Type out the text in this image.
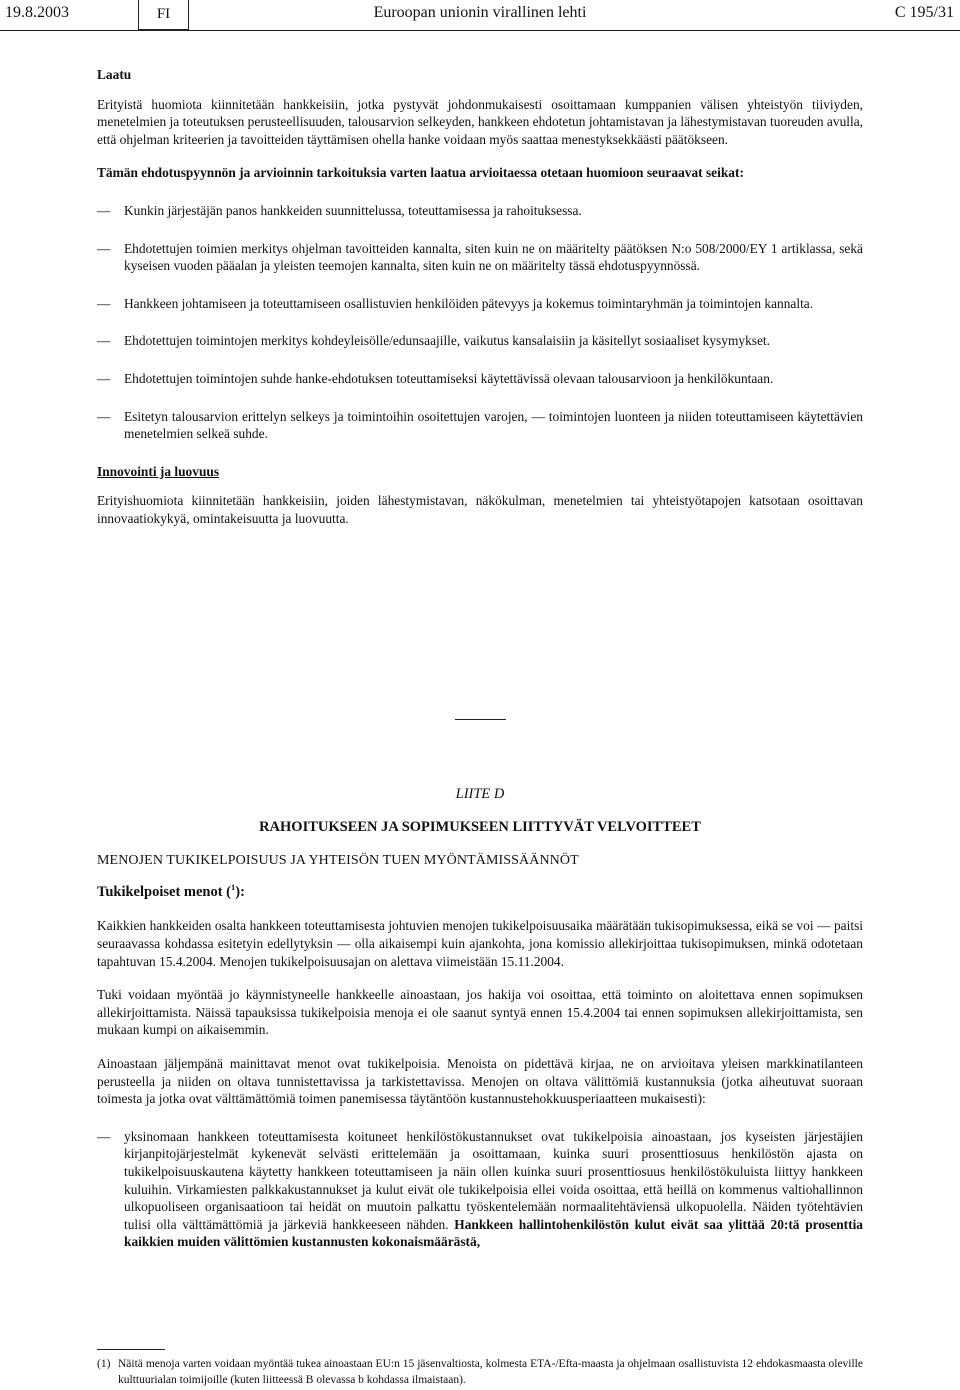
19.8.2003	FI	Euroopan unionin virallinen lehti	C 195/31
Laatu
Erityistä huomiota kiinnitetään hankkeisiin, jotka pystyvät johdonmukaisesti osoittamaan kumppanien välisen yhteistyön tiiviyden, menetelmien ja toteutuksen perusteellisuuden, talousarvion selkeyden, hankkeen ehdotetun johtamistavan ja lähestymistavan tuoreuden avulla, että ohjelman kriteerien ja tavoitteiden täyttämisen ohella hanke voidaan myös saattaa menestyksekkäästi päätökseen.
Tämän ehdotuspyynnön ja arvioinnin tarkoituksia varten laatua arvioitaessa otetaan huomioon seuraavat seikat:
— Kunkin järjestäjän panos hankkeiden suunnittelussa, toteuttamisessa ja rahoituksessa.
— Ehdotettujen toimien merkitys ohjelman tavoitteiden kannalta, siten kuin ne on määritelty päätöksen N:o 508/2000/EY 1 artiklassa, sekä kyseisen vuoden pääalan ja yleisten teemojen kannalta, siten kuin ne on määritelty tässä ehdotuspyynnössä.
— Hankkeen johtamiseen ja toteuttamiseen osallistuvien henkilöiden pätevyys ja kokemus toimintaryhmän ja toimintojen kannalta.
— Ehdotettujen toimintojen merkitys kohdeyleisölle/edunsaajille, vaikutus kansalaisiin ja käsitellyt sosiaaliset kysymykset.
— Ehdotettujen toimintojen suhde hanke-ehdotuksen toteuttamiseksi käytettävissä olevaan talousarvioon ja henkilökuntaan.
— Esitetyn talousarvion erittelyn selkeys ja toimintoihin osoitettujen varojen, — toimintojen luonteen ja niiden toteuttamiseen käytettävien menetelmien selkeä suhde.
Innovointi ja luovuus
Erityishuomiota kiinnitetään hankkeisiin, joiden lähestymistavan, näkökulman, menetelmien tai yhteistyötapojen katsotaan osoittavan innovaatiokykyä, omintakeisuutta ja luovuutta.
LIITE D
RAHOITUKSEEN JA SOPIMUKSEEN LIITTYVÄT VELVOITTEET
MENOJEN TUKIKELPOISUUS JA YHTEISÖN TUEN MYÖNTÄMISSÄÄNNÖT
Tukikelpoiset menot ($^1$):
Kaikkien hankkeiden osalta hankkeen toteuttamisesta johtuvien menojen tukikelpoisuusaika määrätään tukisopimuksessa, eikä se voi — paitsi seuraavassa kohdassa esitetyin edellytyksin — olla aikaisempi kuin ajankohta, jona komissio allekirjoittaa tukisopimuksen, minkä odotetaan tapahtuvan 15.4.2004. Menojen tukikelpoisuusajan on alettava viimeistään 15.11.2004.
Tuki voidaan myöntää jo käynnistyneelle hankkeelle ainoastaan, jos hakija voi osoittaa, että toiminto on aloitettava ennen sopimuksen allekirjoittamista. Näissä tapauksissa tukikelpoisia menoja ei ole saanut syntyä ennen 15.4.2004 tai ennen sopimuksen allekirjoittamista, sen mukaan kumpi on aikaisemmin.
Ainoastaan jäljempänä mainittavat menot ovat tukikelpoisia. Menoista on pidettävä kirjaa, ne on arvioitava yleisen markkinatilanteen perusteella ja niiden on oltava tunnistettavissa ja tarkistettavissa. Menojen on oltava välittömiä kustannuksia (jotka aiheutuvat suoraan toimesta ja jotka ovat välttämättömiä toimen panemisessa täytäntöön kustannustehokkuusperiaatteen mukaisesti):
— yksinomaan hankkeen toteuttamisesta koituneet henkilöstökustannukset ovat tukikelpoisia ainoastaan, jos kyseisten järjestäjien kirjanpitojärjestelmät kykenevät selvästi erittelemään ja osoittamaan, kuinka suuri prosenttiosuus henkilöstön ajasta on tukikelpoisuuskautena käytetty hankkeen toteuttamiseen ja näin ollen kuinka suuri prosenttiosuus henkilöstökuluista liittyy hankkeen kuluihin. Virkamiesten palkkakustannukset ja kulut eivät ole tukikelpoisia ellei voida osoittaa, että heillä on kommenus valtiohallinnon ulkopuoliseen organisaatioon tai heidät on muutoin palkattu työskentelemään normaalitehtäviensä ulkopuolella. Näiden työtehtävien tulisi olla välttämättömiä ja järkeviä hankkeeseen nähden. Hankkeen hallintohenkilöstön kulut eivät saa ylittää 20:tä prosenttia kaikkien muiden välittömien kustannusten kokonaismäärästä,
(1) Näitä menoja varten voidaan myöntää tukea ainoastaan EU:n 15 jäsenvaltiosta, kolmesta ETA-/Efta-maasta ja ohjelmaan osallistuvista 12 ehdokasmaasta oleville kulttuurialan toimijoille (kuten liitteessä B olevassa b kohdassa ilmaistaan).
